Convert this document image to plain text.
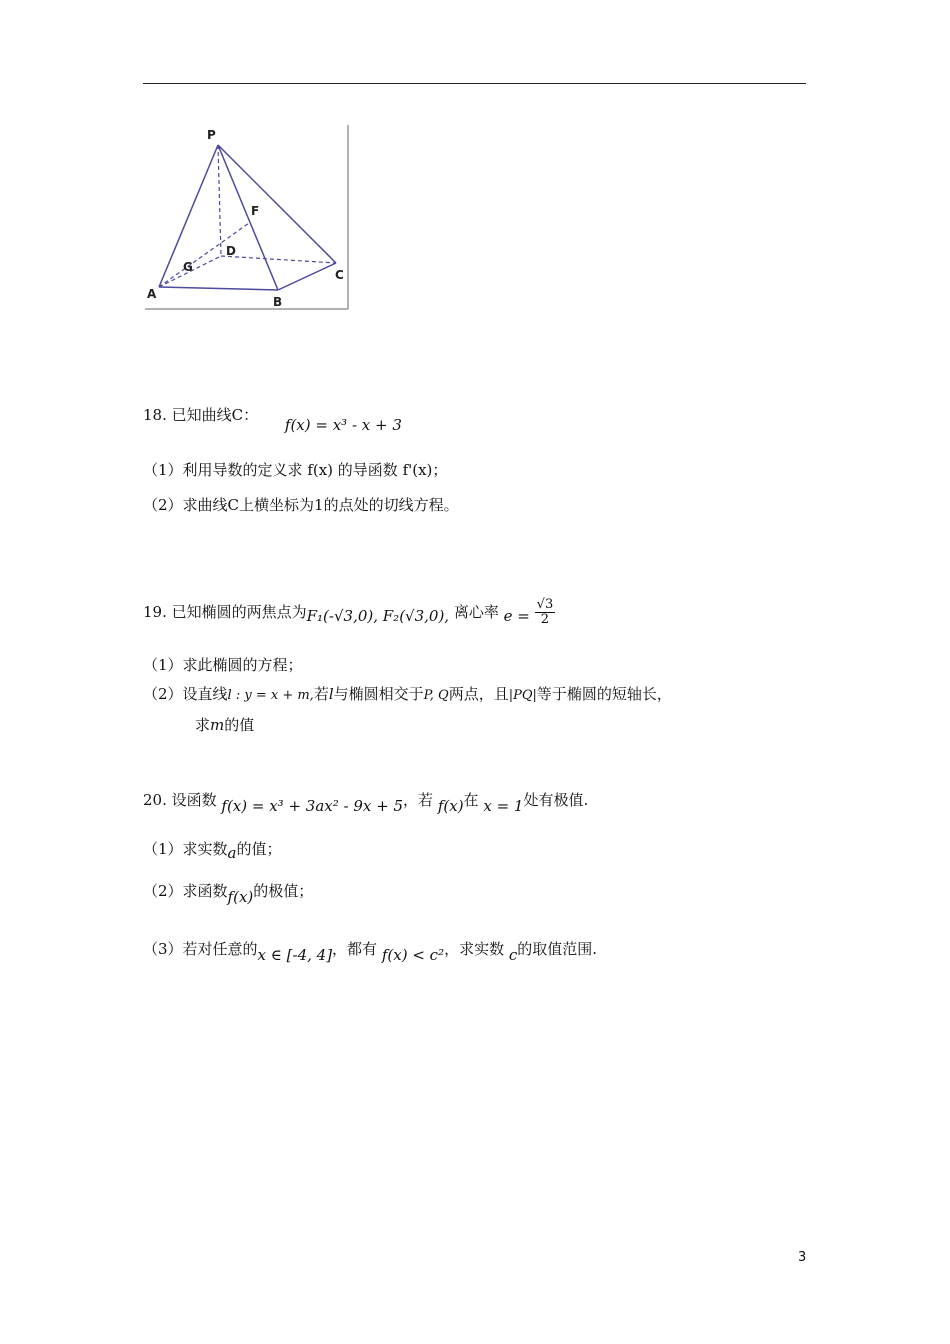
P
F
D
G
A
B
C
18. 已知曲线C： f(x) = x³ - x + 3
（1）利用导数的定义求 f(x) 的导函数 f'(x)；
（2）求曲线C上横坐标为1的点处的切线方程。
19. 已知椭圆的两焦点为F₁(-√3,0), F₂(√3,0), 离心率 $e = \frac{√3}{2}$
（1）求此椭圆的方程；
（2）设直线l : y = x + m,若l与椭圆相交于P, Q两点，且|PQ|等于椭圆的短轴长，
求m的值
20. 设函数 f(x) = x³ + 3ax² - 9x + 5，若 f(x)在 x = 1处有极值.
（1）求实数a的值；
（2）求函数f(x)的极值；
（3）若对任意的x ∈ [-4, 4]，都有 f(x) < c²，求实数 c的取值范围.
3
